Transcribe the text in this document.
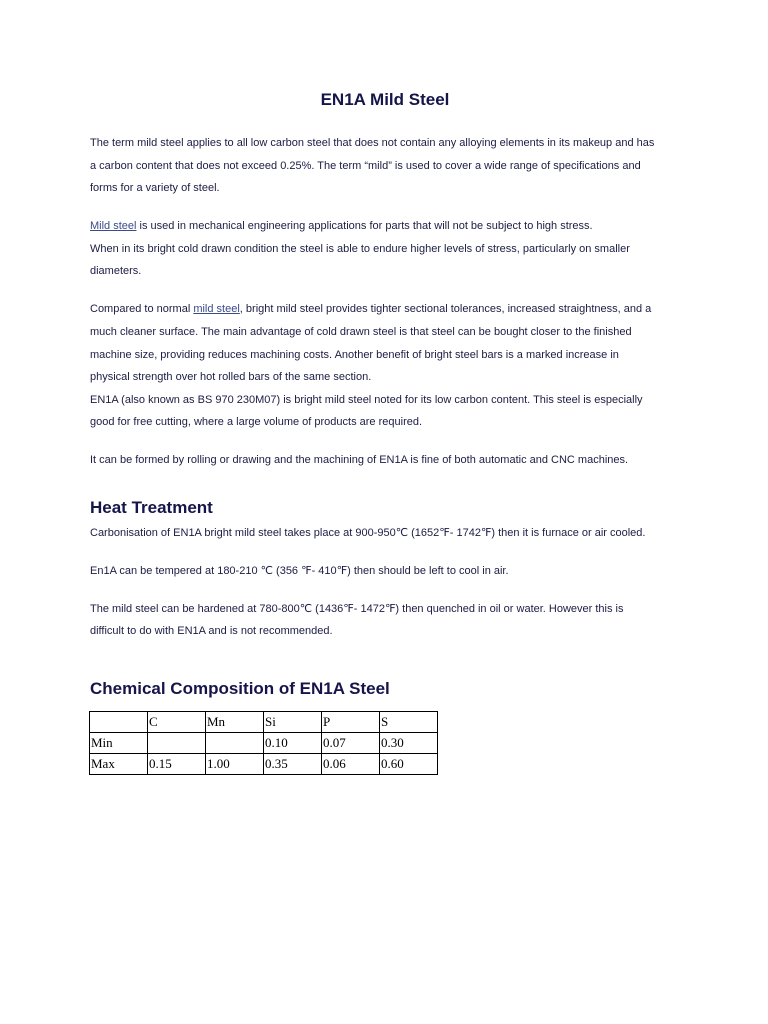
EN1A Mild Steel

The term mild steel applies to all low carbon steel that does not contain any alloying elements in its makeup and has
a carbon content that does not exceed 0.25%. The term “mild” is used to cover a wide range of specifications and
forms for a variety of steel.

Mild steel is used in mechanical engineering applications for parts that will not be subject to high stress.
When in its bright cold drawn condition the steel is able to endure higher levels of stress, particularly on smaller
diameters.

Compared to normal mild steel, bright mild steel provides tighter sectional tolerances, increased straightness, and a
much cleaner surface. The main advantage of cold drawn steel is that steel can be bought closer to the finished
machine size, providing reduces machining costs. Another benefit of bright steel bars is a marked increase in
physical strength over hot rolled bars of the same section.
EN1A (also known as BS 970 230M07) is bright mild steel noted for its low carbon content. This steel is especially
good for free cutting, where a large volume of products are required.

It can be formed by rolling or drawing and the machining of EN1A is fine of both automatic and CNC machines.

Heat Treatment

Carbonisation of EN1A bright mild steel takes place at 900-950℃ (1652℉- 1742℉) then it is furnace or air cooled.

En1A can be tempered at 180-210 ℃ (356 ℉- 410℉) then should be left to cool in air.

The mild steel can be hardened at 780-800℃ (1436℉- 1472℉) then quenched in oil or water. However this is
difficult to do with EN1A and is not recommended.

Chemical Composition of EN1A Steel
	C	Mn	Si	P	S
Min			0.10	0.07	0.30
Max	0.15	1.00	0.35	0.06	0.60
